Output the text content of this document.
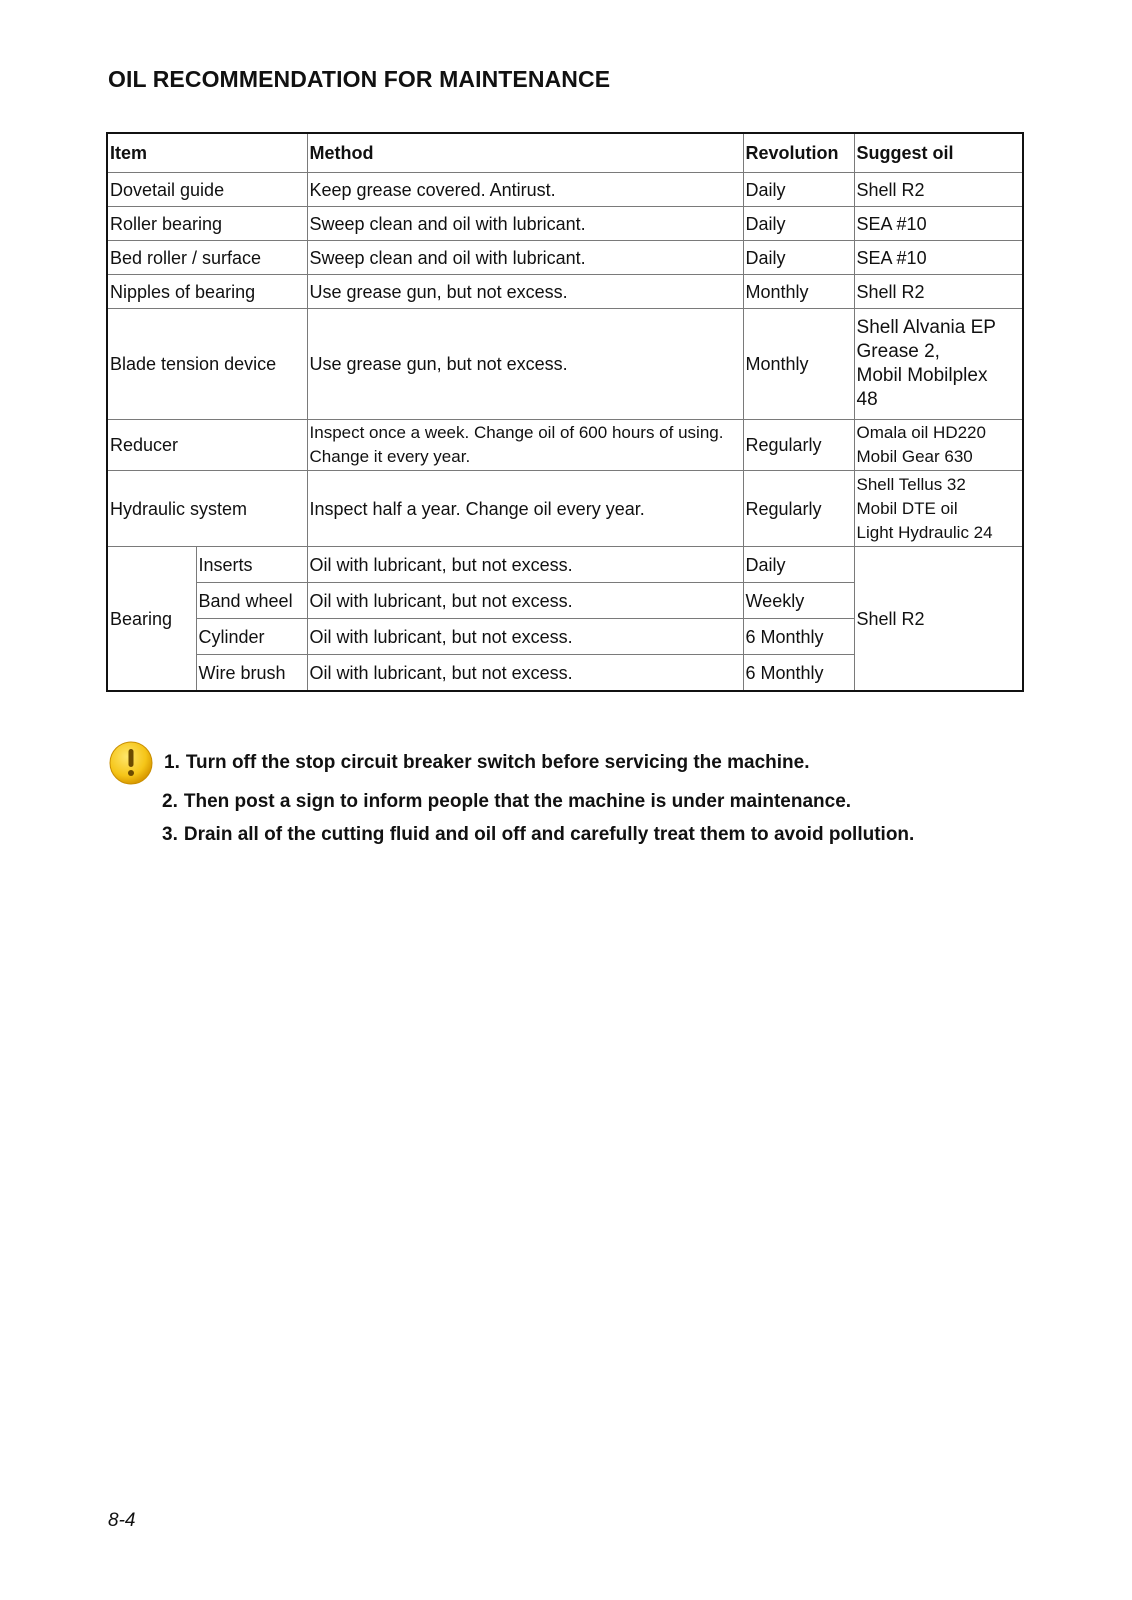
OIL RECOMMENDATION FOR MAINTENANCE
Item		Method	Revolution	Suggest oil
Dovetail guide		Keep grease covered. Antirust.	Daily	Shell R2
Roller bearing		Sweep clean and oil with lubricant.	Daily	SEA #10
Bed roller / surface		Sweep clean and oil with lubricant.	Daily	SEA #10
Nipples of bearing		Use grease gun, but not excess.	Monthly	Shell R2
Blade tension device		Use grease gun, but not excess.	Monthly	Shell Alvania EP
Grease 2,
Mobil Mobilplex
48

Reducer		Inspect once a week. Change oil of 600 hours of using. Change it every year.	Regularly	Omala oil HD220
Mobil Gear 630

Hydraulic system		Inspect half a year. Change oil every year.	Regularly	Shell Tellus 32
Mobil DTE oil
Light Hydraulic 24

Bearing	Inserts	Oil with lubricant, but not excess.	Daily	Shell R2
	Band wheel	Oil with lubricant, but not excess.	Weekly	
	Cylinder	Oil with lubricant, but not excess.	6 Monthly	
	Wire brush	Oil with lubricant, but not excess.	6 Monthly	
1. Turn off the stop circuit breaker switch before servicing the machine.
2. Then post a sign to inform people that the machine is under maintenance.
3. Drain all of the cutting fluid and oil off and carefully treat them to avoid pollution.
8-4
